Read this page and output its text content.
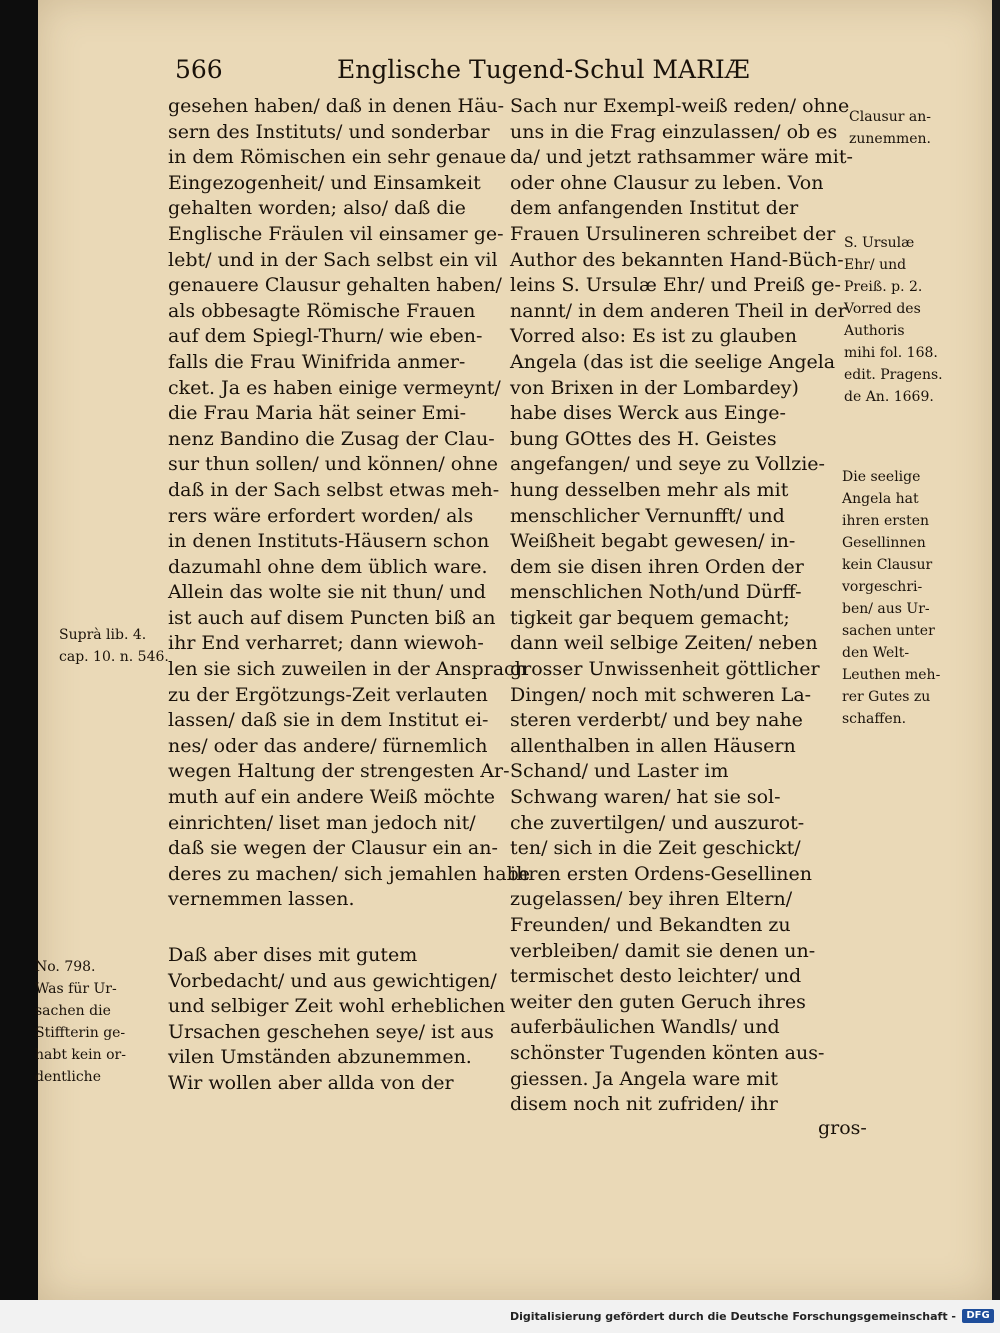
566	Englische Tugend-Schul MARIÆ
gesehen haben/ daß in denen Häu-
sern des Instituts/ und sonderbar
in dem Römischen ein sehr genaue
Eingezogenheit/ und Einsamkeit
gehalten worden; also/ daß die
Englische Fräulen vil einsamer ge-
lebt/ und in der Sach selbst ein vil
genauere Clausur gehalten haben/
als obbesagte Römische Frauen
auf dem Spiegl-Thurn/ wie eben-
falls die Frau Winifrida anmer-
cket. Ja es haben einige vermeynt/
die Frau Maria hät seiner Emi-
nenz Bandino die Zusag der Clau-
sur thun sollen/ und können/ ohne
daß in der Sach selbst etwas meh-
rers wäre erfordert worden/ als
in denen Instituts-Häusern schon
dazumahl ohne dem üblich ware.
Allein das wolte sie nit thun/ und
ist auch auf disem Puncten biß an
ihr End verharret; dann wiewoh-
len sie sich zuweilen in der Ansprach
zu der Ergötzungs-Zeit verlauten
lassen/ daß sie in dem Institut ei-
nes/ oder das andere/ fürnemlich
wegen Haltung der strengesten Ar-
muth auf ein andere Weiß möchte
einrichten/ liset man jedoch nit/
daß sie wegen der Clausur ein an-
deres zu machen/ sich jemahlen habe
vernemmen lassen.
Daß aber dises mit gutem
Vorbedacht/ und aus gewichtigen/
und selbiger Zeit wohl erheblichen
Ursachen geschehen seye/ ist aus
vilen Umständen abzunemmen.
Wir wollen aber allda von der
Sach nur Exempl-weiß reden/ ohne
uns in die Frag einzulassen/ ob es
da/ und jetzt rathsammer wäre mit-
oder ohne Clausur zu leben. Von
dem anfangenden Institut der
Frauen Ursulineren schreibet der
Author des bekannten Hand-Büch-
leins S. Ursulæ Ehr/ und Preiß ge-
nannt/ in dem anderen Theil in der
Vorred also: Es ist zu glauben
Angela (das ist die seelige Angela
von Brixen in der Lombardey)
habe dises Werck aus Einge-
bung GOttes des H. Geistes
angefangen/ und seye zu Vollzie-
hung desselben mehr als mit
menschlicher Vernunfft/ und
Weißheit begabt gewesen/ in-
dem sie disen ihren Orden der
menschlichen Noth/und Dürff-
tigkeit gar bequem gemacht;
dann weil selbige Zeiten/ neben
grosser Unwissenheit göttlicher
Dingen/ noch mit schweren La-
steren verderbt/ und bey nahe
allenthalben in allen Häusern
Schand/ und Laster im
Schwang waren/ hat sie sol-
che zuvertilgen/ und auszurot-
ten/ sich in die Zeit geschickt/
ihren ersten Ordens-Gesellinen
zugelassen/ bey ihren Eltern/
Freunden/ und Bekandten zu
verbleiben/ damit sie denen un-
termischet desto leichter/ und
weiter den guten Geruch ihres
auferbäulichen Wandls/ und
schönster Tugenden könten aus-
giessen. Ja Angela ware mit
disem noch nit zufriden/ ihr
gros-
Suprà lib. 4.
cap. 10. n. 546.
No. 798.
Was für Ur-
sachen die
Stiffterin ge-
habt kein or-
dentliche
Clausur an-
zunemmen.
S. Ursulæ
Ehr/ und
Preiß. p. 2.
Vorred des
Authoris
mihi fol. 168.
edit. Pragens.
de An. 1669.
Die seelige
Angela hat
ihren ersten
Gesellinnen
kein Clausur
vorgeschri-
ben/ aus Ur-
sachen unter
den Welt-
Leuthen meh-
rer Gutes zu
schaffen.
Digitalisierung gefördert durch die Deutsche Forschungsgemeinschaft -	DFG
